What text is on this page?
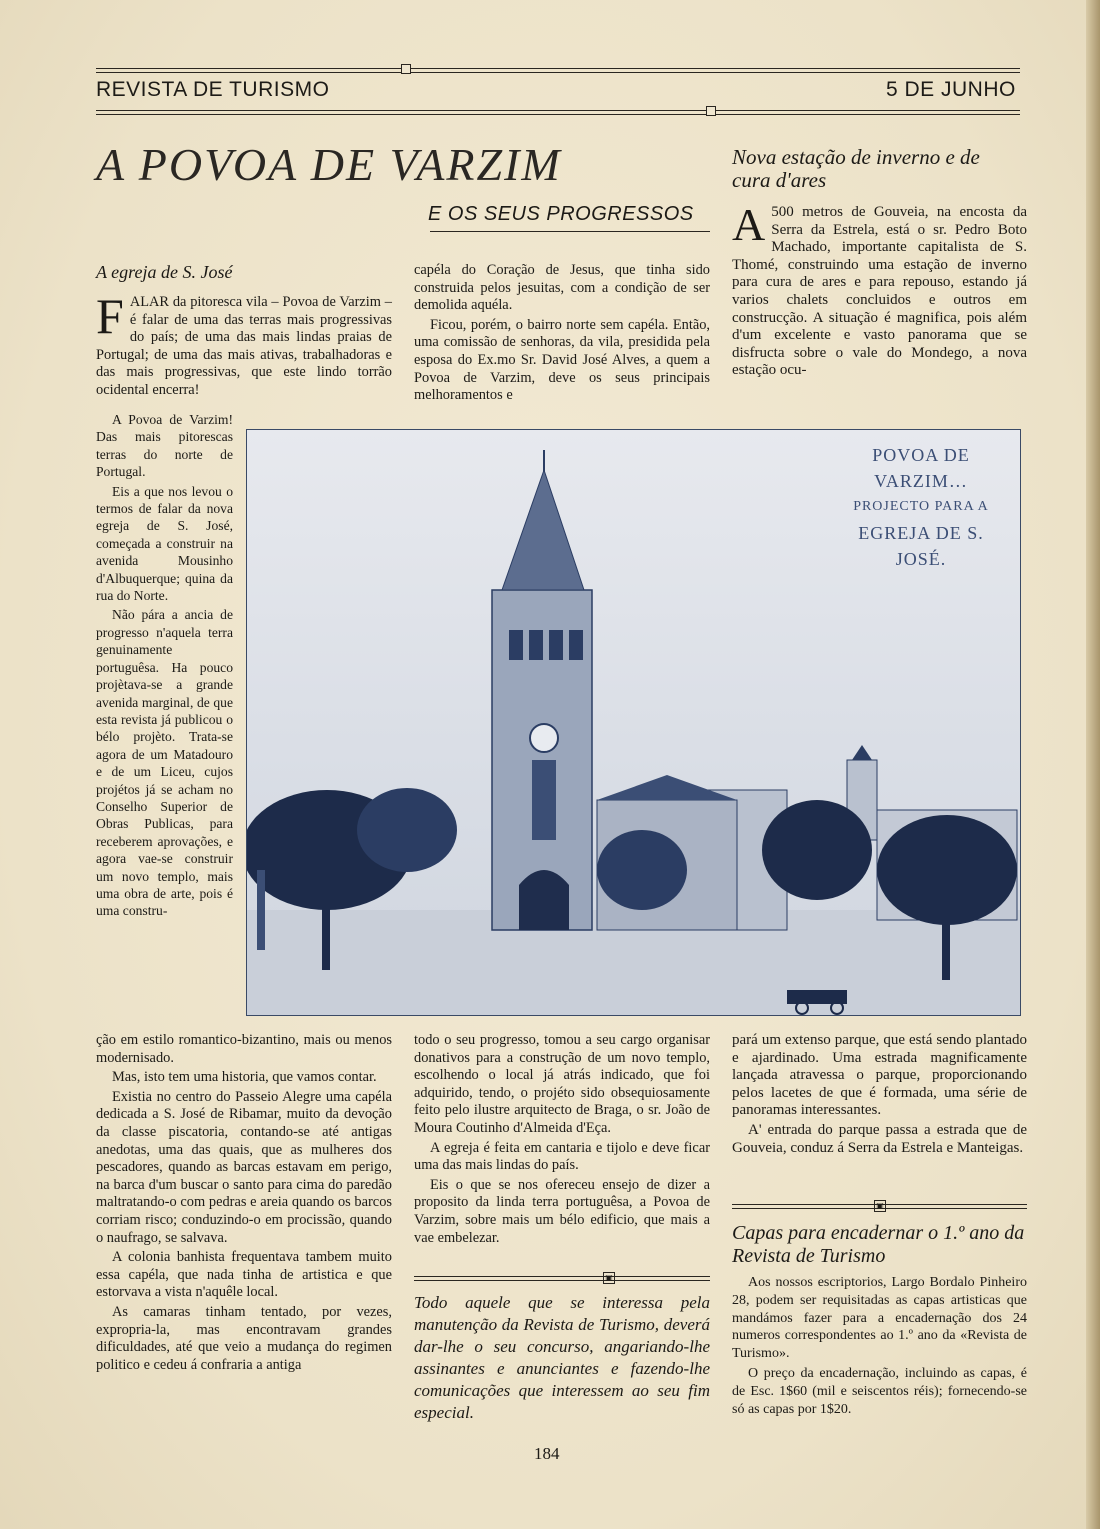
REVISTA DE TURISMO	5 DE JUNHO
A POVOA DE VARZIM
E OS SEUS PROGRESSOS
A egreja de S. José

FALAR da pitoresca vila – Povoa de Varzim – é falar de uma das terras mais progressivas do país; de uma das mais lindas praias de Portugal; de uma das mais ativas, trabalhadoras e das mais progressivas, que este lindo torrão ocidental encerra!

A Povoa de Varzim! Das mais pitorescas terras do norte de Portugal.

Eis a que nos levou o termos de falar da nova egreja de S. José, começada a construir na avenida Mousinho d'Albuquerque; quina da rua do Norte.

Não pára a ancia de progresso n'aquela terra genuinamente portuguêsa. Ha pouco projètava-se a grande avenida marginal, de que esta revista já publicou o bélo projèto. Trata-se agora de um Matadouro e de um Liceu, cujos projétos já se acham no Conselho Superior de Obras Publicas, para receberem aprovações, e agora vae-se construir um novo templo, mais uma obra de arte, pois é uma constru-

ção em estilo romantico-bizantino, mais ou menos modernisado.

Mas, isto tem uma historia, que vamos contar.

Existia no centro do Passeio Alegre uma capéla dedicada a S. José de Ribamar, muito da devoção da classe piscatoria, contando-se até antigas anedotas, uma das quais, que as mulheres dos pescadores, quando as barcas estavam em perigo, na barca d'um buscar o santo para cima do paredão maltratando-o com pedras e areia quando os barcos corriam risco; conduzindo-o em procissão, quando o naufrago, se salvava.

A colonia banhista frequentava tambem muito essa capéla, que nada tinha de artistica e que estorvava a vista n'aquêle local.

As camaras tinham tentado, por vezes, expropria-la, mas encontravam grandes dificuldades, até que veio a mudança do regimen politico e cedeu á confraria a antiga

capéla do Coração de Jesus, que tinha sido construida pelos jesuitas, com a condição de ser demolida aquéla.

Ficou, porém, o bairro norte sem capéla. Então, uma comissão de senhoras, da vila, presidida pela esposa do Ex.mo Sr. David José Alves, a quem a Povoa de Varzim, deve os seus principais melhoramentos e

todo o seu progresso, tomou a seu cargo organisar donativos para a construção de um novo templo, escolhendo o local já atrás indicado, que foi adquirido, tendo, o projéto sido obsequiosamente feito pelo ilustre arquitecto de Braga, o sr. João de Moura Coutinho d'Almeida d'Eça.

A egreja é feita em cantaria e tijolo e deve ficar uma das mais lindas do país.

Eis o que se nos ofereceu ensejo de dizer a proposito da linda terra portuguêsa, a Povoa de Varzim, sobre mais um bélo edificio, que mais a vae embelezar.

▣
Todo aquele que se interessa pela manutenção da Revista de Turismo, deverá dar-lhe o seu concurso, angariando-lhe assinantes e anunciantes e fazendo-lhe comunicações que interessem ao seu fim especial.
Nova estação de inverno e de cura d'ares

A 500 metros de Gouveia, na encosta da Serra da Estrela, está o sr. Pedro Boto Machado, importante capitalista de S. Thomé, construindo uma estação de inverno para cura de ares e para repouso, estando já varios chalets concluidos e outros em construcção. A situação é magnifica, pois além d'um excelente e vasto panorama que se disfructa sobre o vale do Mondego, a nova estação ocu-

pará um extenso parque, que está sendo plantado e ajardinado. Uma estrada magnificamente lançada atravessa o parque, proporcionando pelos lacetes de que é formada, uma série de panoramas interessantes.

A' entrada do parque passa a estrada que de Gouveia, conduz á Serra da Estrela e Manteigas.

▣
Capas para encadernar o 1.º ano da Revista de Turismo

Aos nossos escriptorios, Largo Bordalo Pinheiro 28, podem ser requisitadas as capas artisticas que mandámos fazer para a encadernação dos 24 numeros correspondentes ao 1.º ano da «Revista de Turismo».

O preço da encadernação, incluindo as capas, é de Esc. 1$60 (mil e seiscentos réis); fornecendo-se só as capas por 1$20.

POVOA DE VARZIM…
PROJECTO PARA A
EGREJA DE S. JOSÉ.
184
